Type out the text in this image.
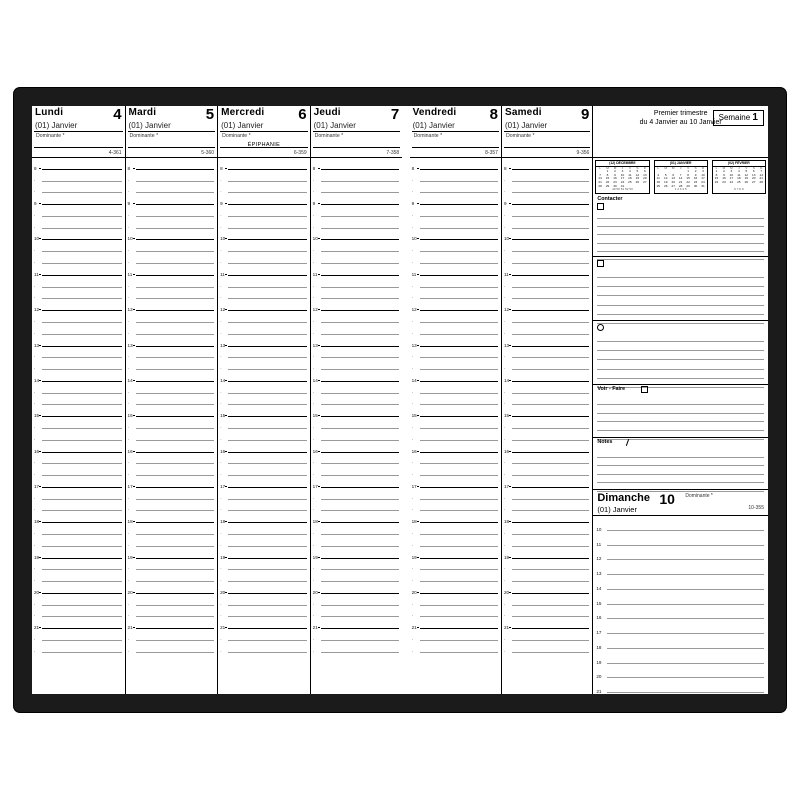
Lundi	4
(01) Janvier
Dominante *
4-361
8
·
·
9
·
·
10
·
·
11
·
·
12
·
·
13
·
·
14
·
·
15
·
·
16
·
·
17
·
·
18
·
·
19
·
·
20
·
·
21
·
·
Mardi	5
(01) Janvier
Dominante *
5-360
8
·
·
9
·
·
10
·
·
11
·
·
12
·
·
13
·
·
14
·
·
15
·
·
16
·
·
17
·
·
18
·
·
19
·
·
20
·
·
21
·
·
Mercredi 6
(01) Janvier
Dominante *
ÉPIPHANIE
6-359
8
·
·
9
·
·
10
·
·
11
·
·
12
·
·
13
·
·
14
·
·
15
·
·
16
·
·
17
·
·
18
·
·
19
·
·
20
·
·
21
·
·
Jeudi	7
(01) Janvier
Dominante *
7-358
8
·
·
9
·
·
10
·
·
11
·
·
12
·
·
13
·
·
14
·
·
15
·
·
16
·
·
17
·
·
18
·
·
19
·
·
20
·
·
21
·
·
Vendredi 8
(01) Janvier
Dominante *
8-357
8
·
·
9
·
·
10
·
·
11
·
·
12
·
·
13
·
·
14
·
·
15
·
·
16
·
·
17
·
·
18
·
·
19
·
·
20
·
·
21
·
·
Samedi	9
(01) Janvier
Dominante *
9-356
8
·
·
9
·
·
10
·
·
11
·
·
12
·
·
13
·
·
14
·
·
15
·
·
16
·
·
17
·
·
18
·
·
19
·
·
20
·
·
21
·
·
Premier trimestre
du 4 Janvier au 10 Janvier
Semaine 1
(12) DÉCEMBRE
L	M	M	J	V	S	D
	1	2	3	4	5	6
7	8	9	10	11	12	13
14	15	16	17	18	19	20
21	22	23	24	25	26	27
28	29	30	31			
49 50 51 52 53						
(01) JANVIER
L	M	M	J	V	S	D
				1	2	3
4	5	6	7	8	9	10
11	12	13	14	15	16	17
18	19	20	21	22	23	24
25	26	27	28	29	30	31
1 2 3 4 5						
(02) FÉVRIER
L	M	M	J	V	S	D
1	2	3	4	5	6	7
8	9	10	11	12	13	14
15	16	17	18	19	20	21
22	23	24	25	26	27	28

6 7 8 9						
Contacter
Voir - Faire
Notes
Dimanche 10 Dominante *
(01) Janvier	10-355
10
11
12
13
14
15
16
17
18
19
20
21
